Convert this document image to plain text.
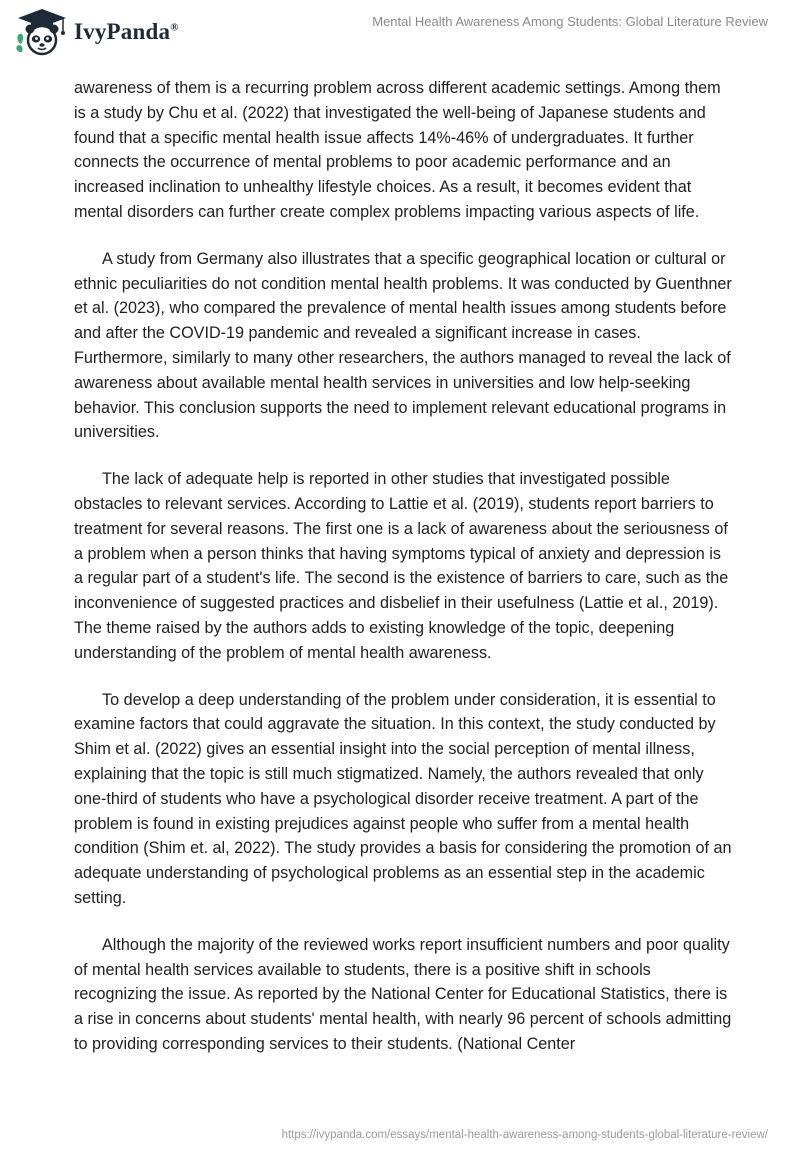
IvyPanda®	Mental Health Awareness Among Students: Global Literature Review

awareness of them is a recurring problem across different academic settings. Among them is a study by Chu et al. (2022) that investigated the well-being of Japanese students and found that a specific mental health issue affects 14%-46% of undergraduates. It further connects the occurrence of mental problems to poor academic performance and an increased inclination to unhealthy lifestyle choices. As a result, it becomes evident that mental disorders can further create complex problems impacting various aspects of life.

A study from Germany also illustrates that a specific geographical location or cultural or ethnic peculiarities do not condition mental health problems. It was conducted by Guenthner et al. (2023), who compared the prevalence of mental health issues among students before and after the COVID-19 pandemic and revealed a significant increase in cases. Furthermore, similarly to many other researchers, the authors managed to reveal the lack of awareness about available mental health services in universities and low help-seeking behavior. This conclusion supports the need to implement relevant educational programs in universities.

The lack of adequate help is reported in other studies that investigated possible obstacles to relevant services. According to Lattie et al. (2019), students report barriers to treatment for several reasons. The first one is a lack of awareness about the seriousness of a problem when a person thinks that having symptoms typical of anxiety and depression is a regular part of a student's life. The second is the existence of barriers to care, such as the inconvenience of suggested practices and disbelief in their usefulness (Lattie et al., 2019). The theme raised by the authors adds to existing knowledge of the topic, deepening understanding of the problem of mental health awareness.

To develop a deep understanding of the problem under consideration, it is essential to examine factors that could aggravate the situation. In this context, the study conducted by Shim et al. (2022) gives an essential insight into the social perception of mental illness, explaining that the topic is still much stigmatized. Namely, the authors revealed that only one-third of students who have a psychological disorder receive treatment. A part of the problem is found in existing prejudices against people who suffer from a mental health condition (Shim et. al, 2022). The study provides a basis for considering the promotion of an adequate understanding of psychological problems as an essential step in the academic setting.

Although the majority of the reviewed works report insufficient numbers and poor quality of mental health services available to students, there is a positive shift in schools recognizing the issue. As reported by the National Center for Educational Statistics, there is a rise in concerns about students' mental health, with nearly 96 percent of schools admitting to providing corresponding services to their students. (National Center

https://ivypanda.com/essays/mental-health-awareness-among-students-global-literature-review/
